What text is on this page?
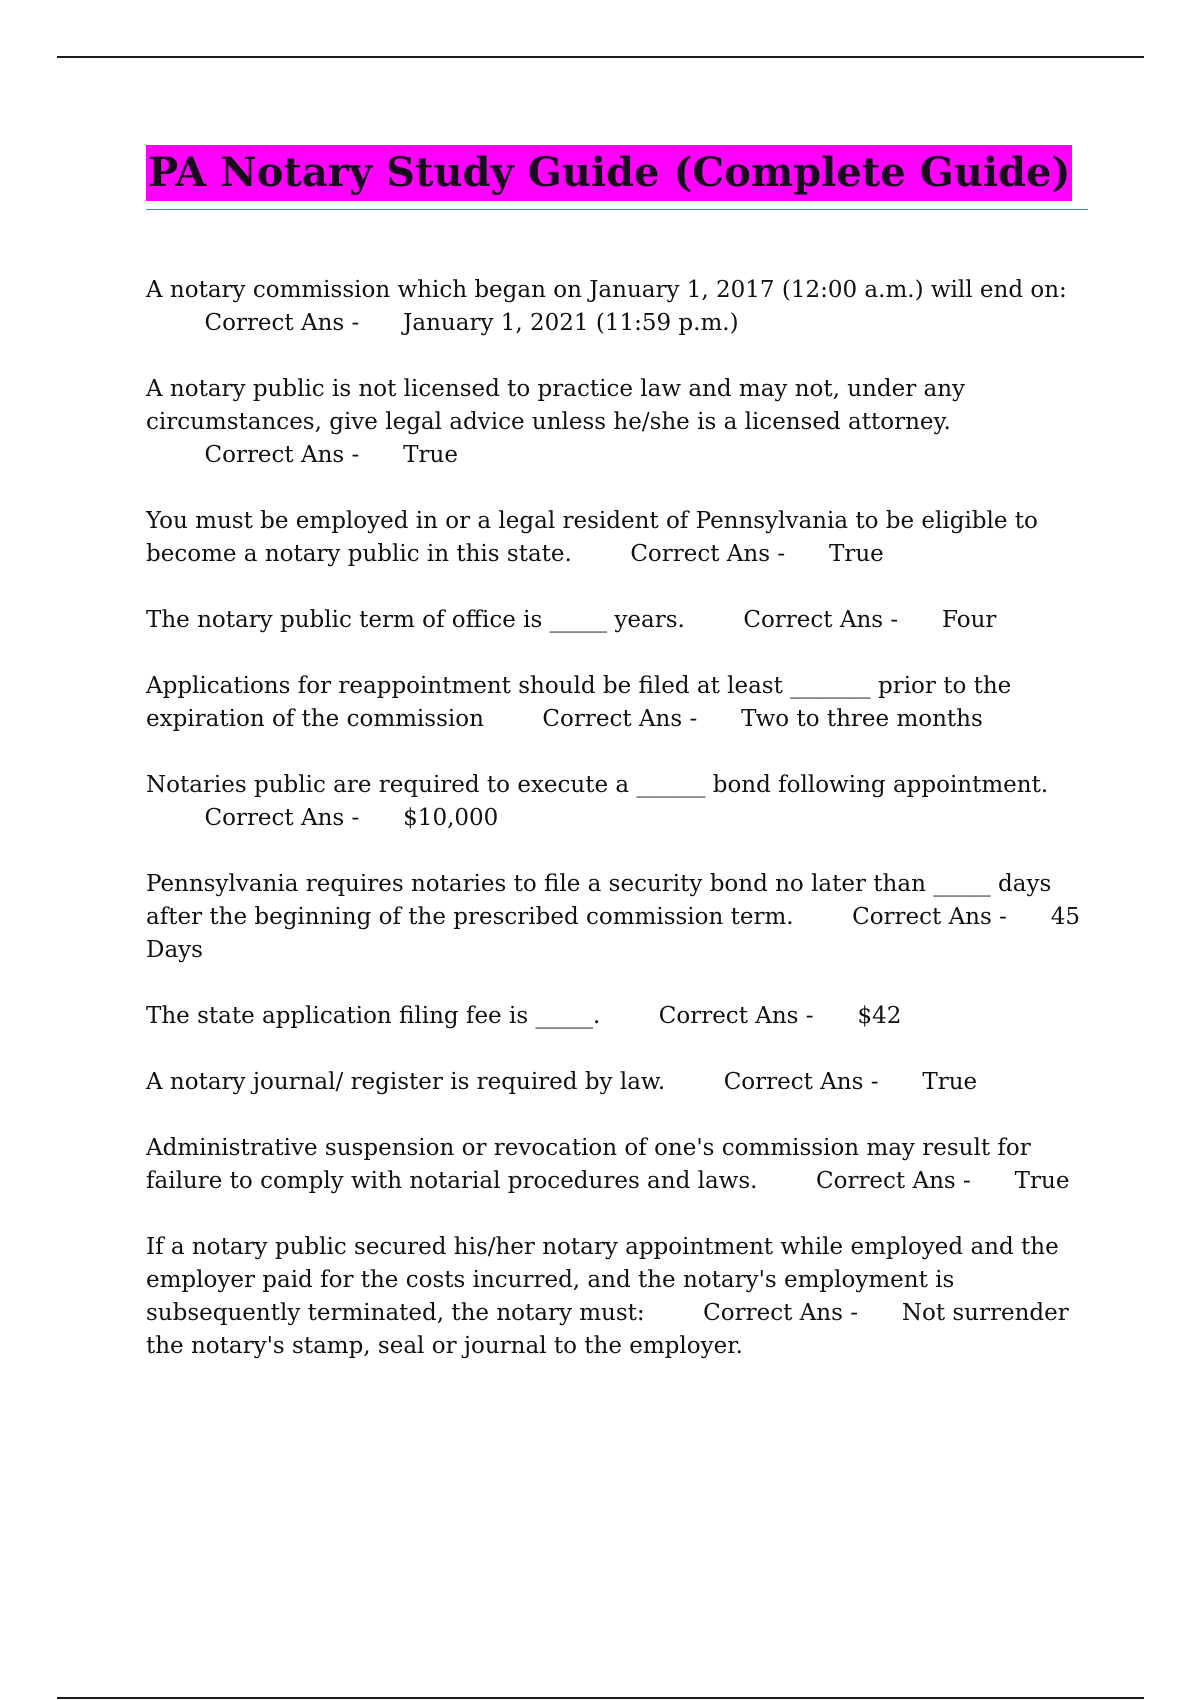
PA Notary Study Guide (Complete Guide)

A notary commission which began on January 1, 2017 (12:00 a.m.) will end on:        Correct Ans -      January 1, 2021 (11:59 p.m.)

A notary public is not licensed to practice law and may not, under any circumstances, give legal advice unless he/she is a licensed attorney.        Correct Ans -      True

You must be employed in or a legal resident of Pennsylvania to be eligible to become a notary public in this state.	Correct Ans -      True

The notary public term of office is _____ years.	Correct Ans -      Four

Applications for reappointment should be filed at least _______ prior to the expiration of the commission	Correct Ans -      Two to three months

Notaries public are required to execute a ______ bond following appointment.        Correct Ans -      $10,000

Pennsylvania requires notaries to file a security bond no later than _____ days after the beginning of the prescribed commission term.	Correct Ans -      45 Days

The state application filing fee is _____.	Correct Ans -      $42

A notary journal/ register is required by law.	Correct Ans -      True

Administrative suspension or revocation of one's commission may result for failure to comply with notarial procedures and laws.	Correct Ans -      True

If a notary public secured his/her notary appointment while employed and the employer paid for the costs incurred, and the notary's employment is subsequently terminated, the notary must:	Correct Ans -      Not surrender the notary's stamp, seal or journal to the employer.
